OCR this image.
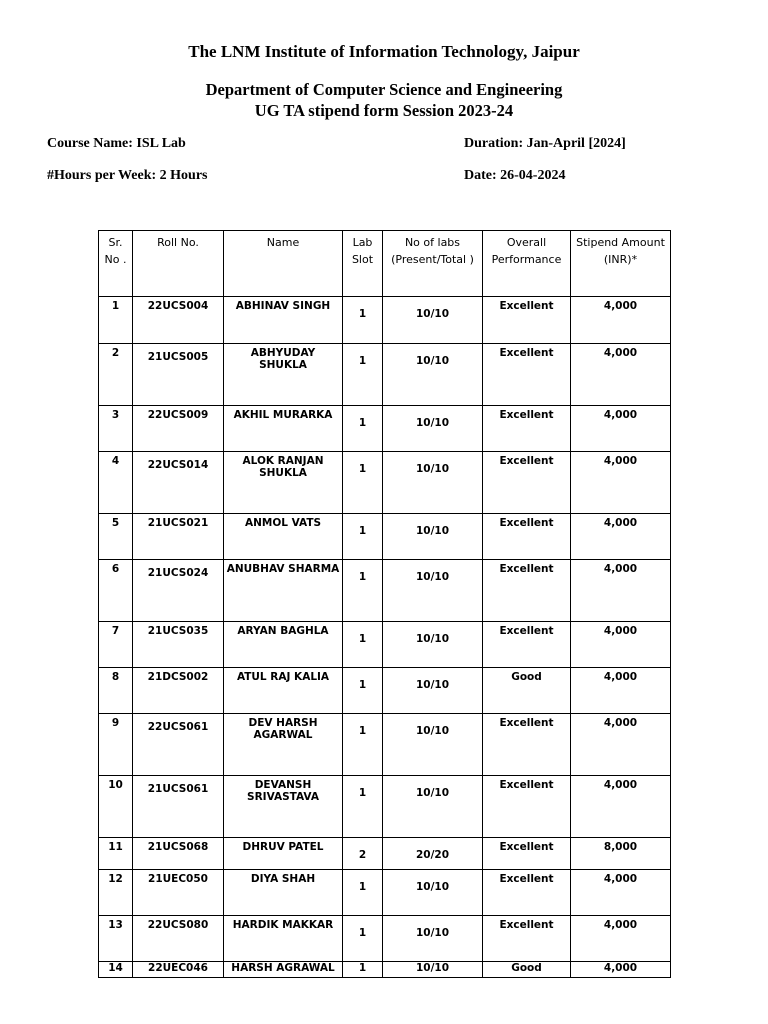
The LNM Institute of Information Technology, Jaipur
Department of Computer Science and Engineering
UG TA stipend form Session 2023-24
Course Name: ISL Lab	Duration: Jan-April [2024]
#Hours per Week: 2 Hours	Date: 26-04-2024
Sr. No .	Roll No.	Name	Lab Slot	No of labs (Present/Total )	Overall Performance	Stipend Amount (INR)*
1	22UCS004	ABHINAV SINGH	1	10/10	Excellent	4,000
2	21UCS005	ABHYUDAY SHUKLA	1	10/10	Excellent	4,000
3	22UCS009	AKHIL MURARKA	1	10/10	Excellent	4,000
4	22UCS014	ALOK RANJAN SHUKLA	1	10/10	Excellent	4,000
5	21UCS021	ANMOL VATS	1	10/10	Excellent	4,000
6	21UCS024	ANUBHAV SHARMA	1	10/10	Excellent	4,000
7	21UCS035	ARYAN BAGHLA	1	10/10	Excellent	4,000
8	21DCS002	ATUL RAJ KALIA	1	10/10	Good	4,000
9	22UCS061	DEV HARSH AGARWAL	1	10/10	Excellent	4,000
10	21UCS061	DEVANSH SRIVASTAVA	1	10/10	Excellent	4,000
11	21UCS068	DHRUV PATEL	2	20/20	Excellent	8,000
12	21UEC050	DIYA SHAH	1	10/10	Excellent	4,000
13	22UCS080	HARDIK MAKKAR	1	10/10	Excellent	4,000
14	22UEC046	HARSH AGRAWAL	1	10/10	Good	4,000
